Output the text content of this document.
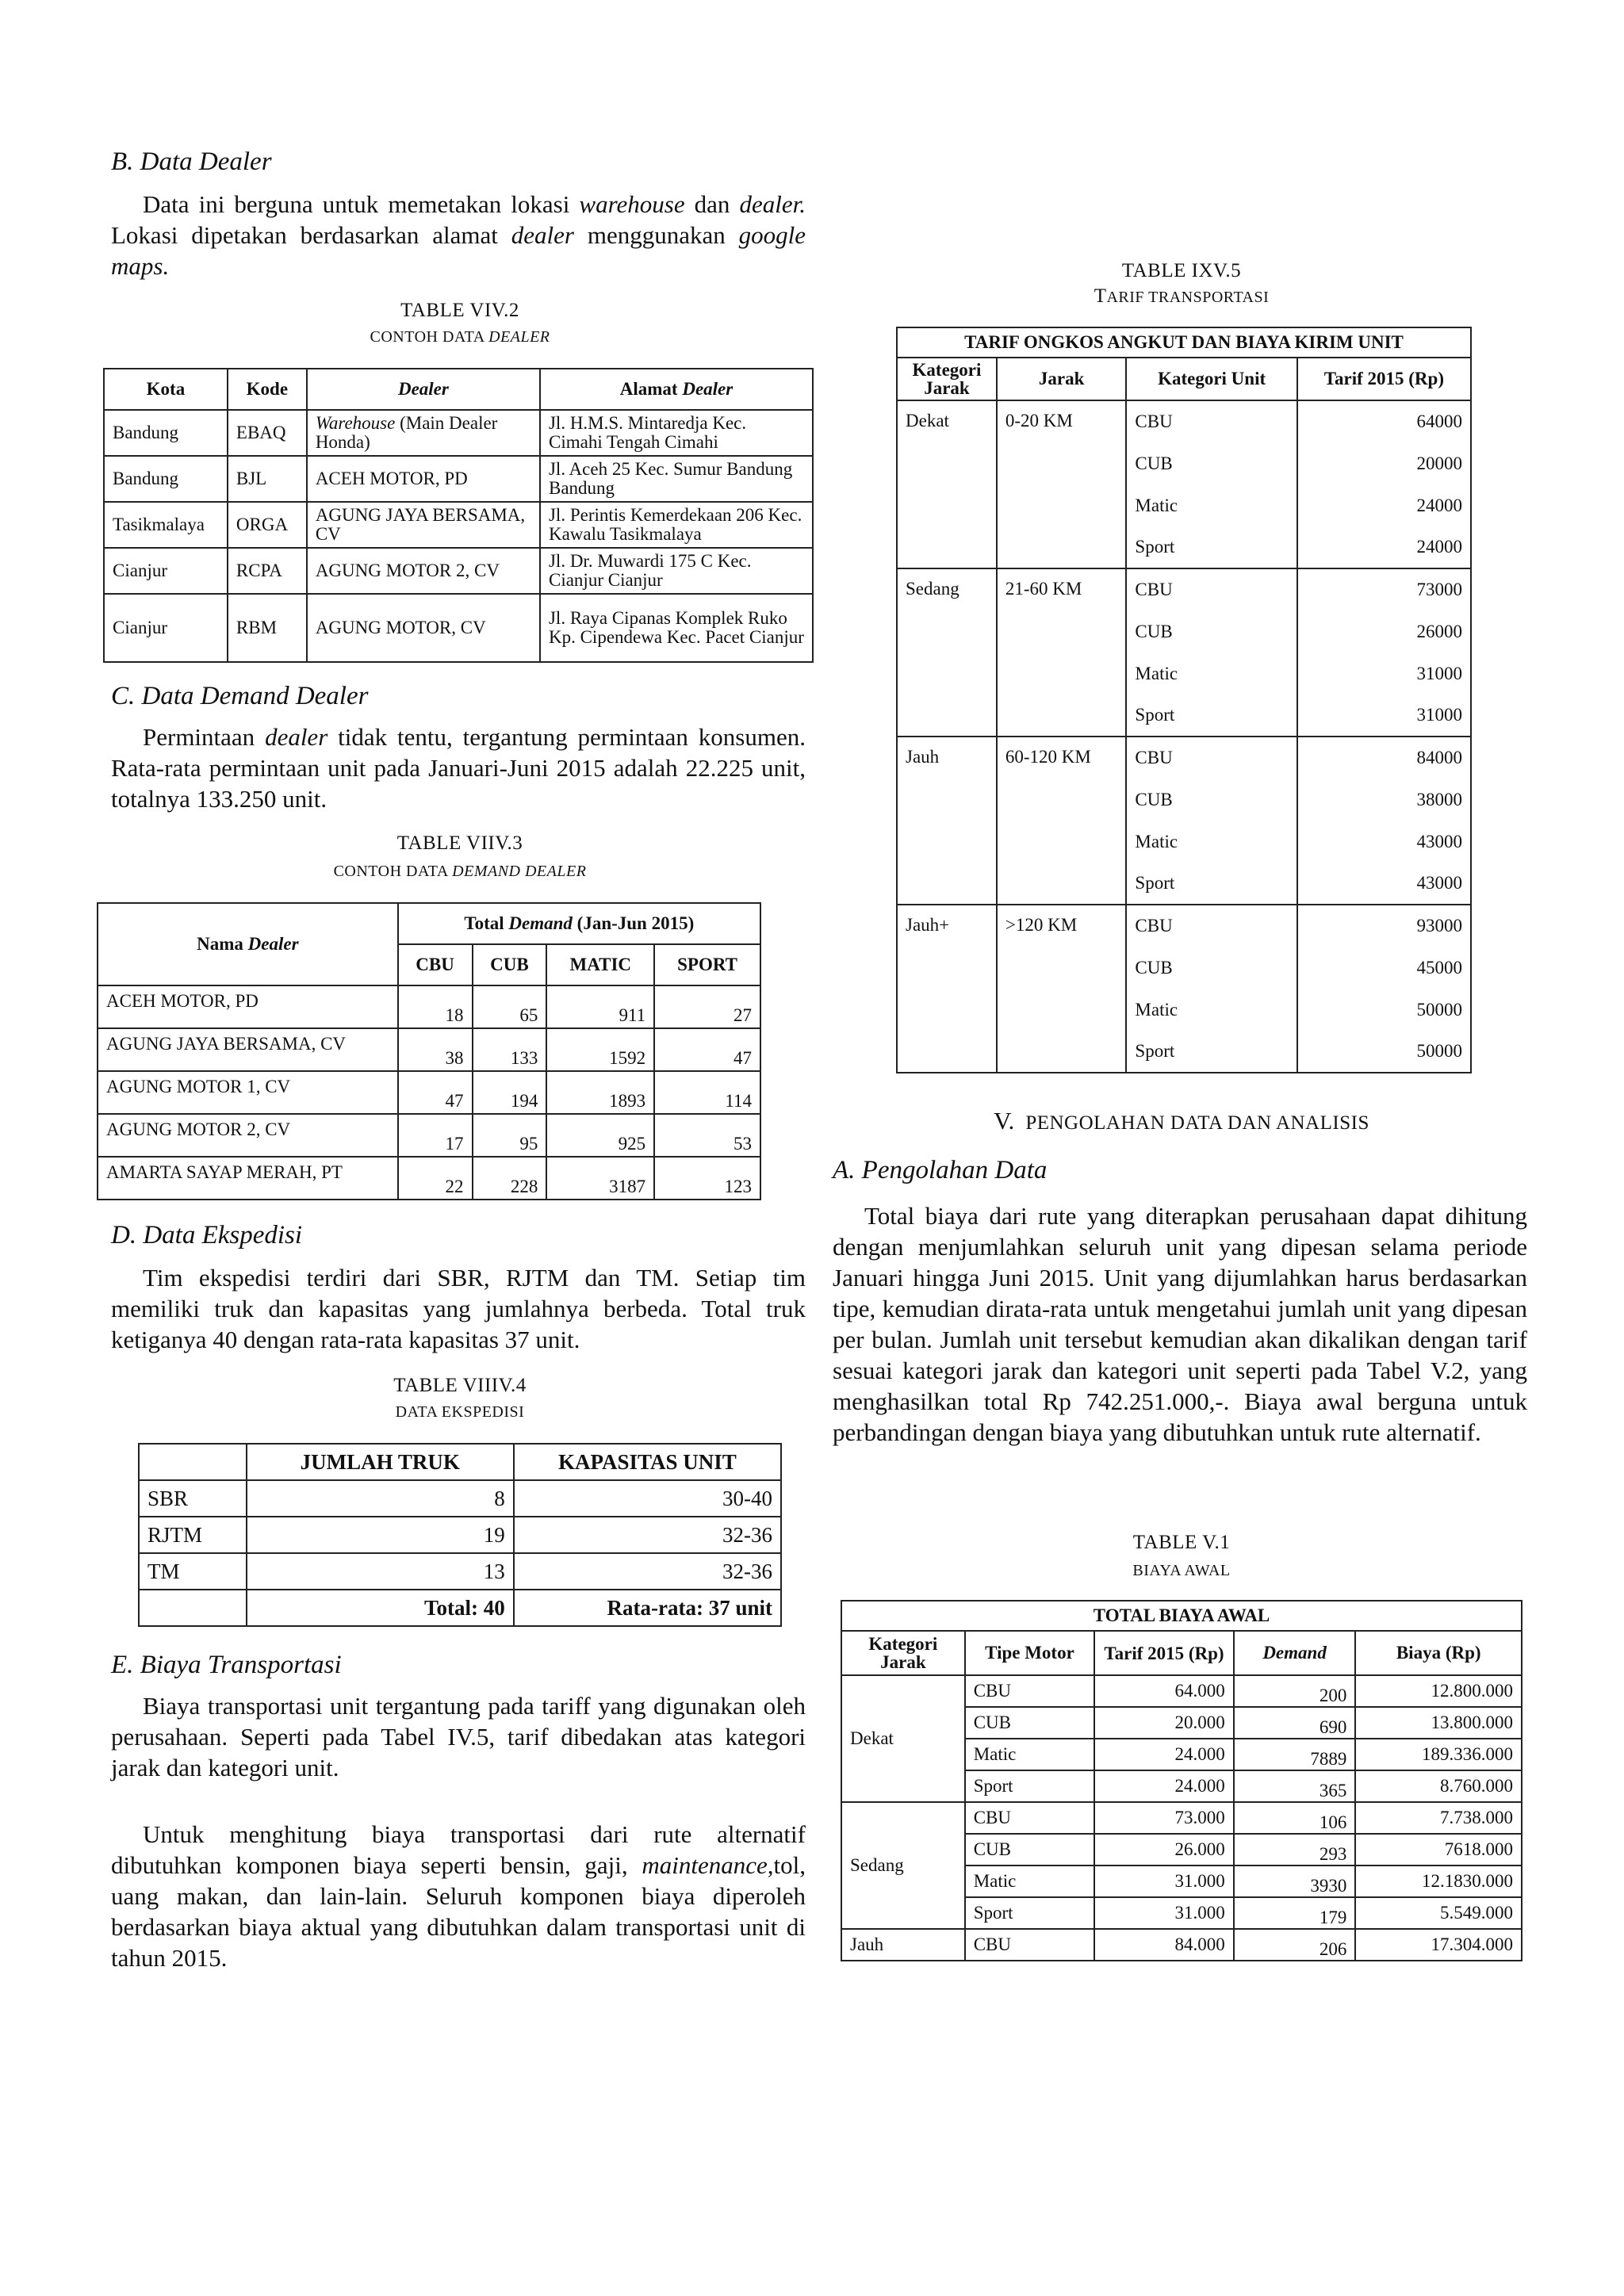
B. Data Dealer

Data ini berguna untuk memetakan lokasi warehouse dan dealer. Lokasi dipetakan berdasarkan alamat dealer menggunakan google maps.

TABLE VIV.2
CONTOH DATA DEALER
Kota	Kode	Dealer	Alamat Dealer
Bandung	EBAQ	Warehouse (Main Dealer Honda)	Jl. H.M.S. Mintaredja Kec. Cimahi Tengah Cimahi
Bandung	BJL	ACEH MOTOR, PD	Jl. Aceh 25 Kec. Sumur Bandung Bandung
Tasikmalaya	ORGA	AGUNG JAYA BERSAMA, CV	Jl. Perintis Kemerdekaan 206 Kec. Kawalu Tasikmalaya
Cianjur	RCPA	AGUNG MOTOR 2, CV	Jl. Dr. Muwardi 175 C Kec. Cianjur Cianjur
Cianjur	RBM	AGUNG MOTOR, CV	Jl. Raya Cipanas Komplek Ruko Kp. Cipendewa Kec. Pacet Cianjur
C. Data Demand Dealer

Permintaan dealer tidak tentu, tergantung permintaan konsumen. Rata-rata permintaan unit pada Januari-Juni 2015 adalah 22.225 unit, totalnya 133.250 unit.

TABLE VIIV.3
CONTOH DATA DEMAND DEALER
Nama Dealer	Total Demand (Jan-Jun 2015)			
	CBU	CUB	MATIC	SPORT
ACEH MOTOR, PD	18	65	911	27
AGUNG JAYA BERSAMA, CV	38	133	1592	47
AGUNG MOTOR 1, CV	47	194	1893	114
AGUNG MOTOR 2, CV	17	95	925	53
AMARTA SAYAP MERAH, PT	22	228	3187	123
D. Data Ekspedisi

Tim ekspedisi terdiri dari SBR, RJTM dan TM. Setiap tim memiliki truk dan kapasitas yang jumlahnya berbeda. Total truk ketiganya 40 dengan rata-rata kapasitas 37 unit.

TABLE VIIIV.4
DATA EKSPEDISI
	JUMLAH TRUK	KAPASITAS UNIT
SBR	8	30-40
RJTM	19	32-36
TM	13	32-36
	Total: 40	Rata-rata: 37 unit
E. Biaya Transportasi

Biaya transportasi unit tergantung pada tariff yang digunakan oleh perusahaan. Seperti pada Tabel IV.5, tarif dibedakan atas kategori jarak dan kategori unit.

Untuk menghitung biaya transportasi dari rute alternatif dibutuhkan komponen biaya seperti bensin, gaji, maintenance,tol, uang makan, dan lain-lain. Seluruh komponen biaya diperoleh berdasarkan biaya aktual yang dibutuhkan dalam transportasi unit di tahun 2015.

TABLE IXV.5
TARIF TRANSPORTASI
TARIF ONGKOS ANGKUT DAN BIAYA KIRIM UNIT			
Kategori Jarak	Jarak	Kategori Unit	Tarif 2015 (Rp)
Dekat	0-20 KM	CBU	64000
		CUB	20000
		Matic	24000
		Sport	24000
Sedang	21-60 KM	CBU	73000
		CUB	26000
		Matic	31000
		Sport	31000
Jauh	60-120 KM	CBU	84000
		CUB	38000
		Matic	43000
		Sport	43000
Jauh+	>120 KM	CBU	93000
		CUB	45000
		Matic	50000
		Sport	50000
V. PENGOLAHAN DATA DAN ANALISIS
A. Pengolahan Data

Total biaya dari rute yang diterapkan perusahaan dapat dihitung dengan menjumlahkan seluruh unit yang dipesan selama periode Januari hingga Juni 2015. Unit yang dijumlahkan harus berdasarkan tipe, kemudian dirata-rata untuk mengetahui jumlah unit yang dipesan per bulan. Jumlah unit tersebut kemudian akan dikalikan dengan tarif sesuai kategori jarak dan kategori unit seperti pada Tabel V.2, yang menghasilkan total Rp 742.251.000,-. Biaya awal berguna untuk perbandingan dengan biaya yang dibutuhkan untuk rute alternatif.

TABLE V.1
BIAYA AWAL
TOTAL BIAYA AWAL				
Kategori Jarak	Tipe Motor	Tarif 2015 (Rp)	Demand	Biaya (Rp)
Dekat	CBU	64.000	200	12.800.000
	CUB	20.000	690	13.800.000
	Matic	24.000	7889	189.336.000
	Sport	24.000	365	8.760.000
Sedang	CBU	73.000	106	7.738.000
	CUB	26.000	293	7618.000
	Matic	31.000	3930	12.1830.000
	Sport	31.000	179	5.549.000
Jauh	CBU	84.000	206	17.304.000
